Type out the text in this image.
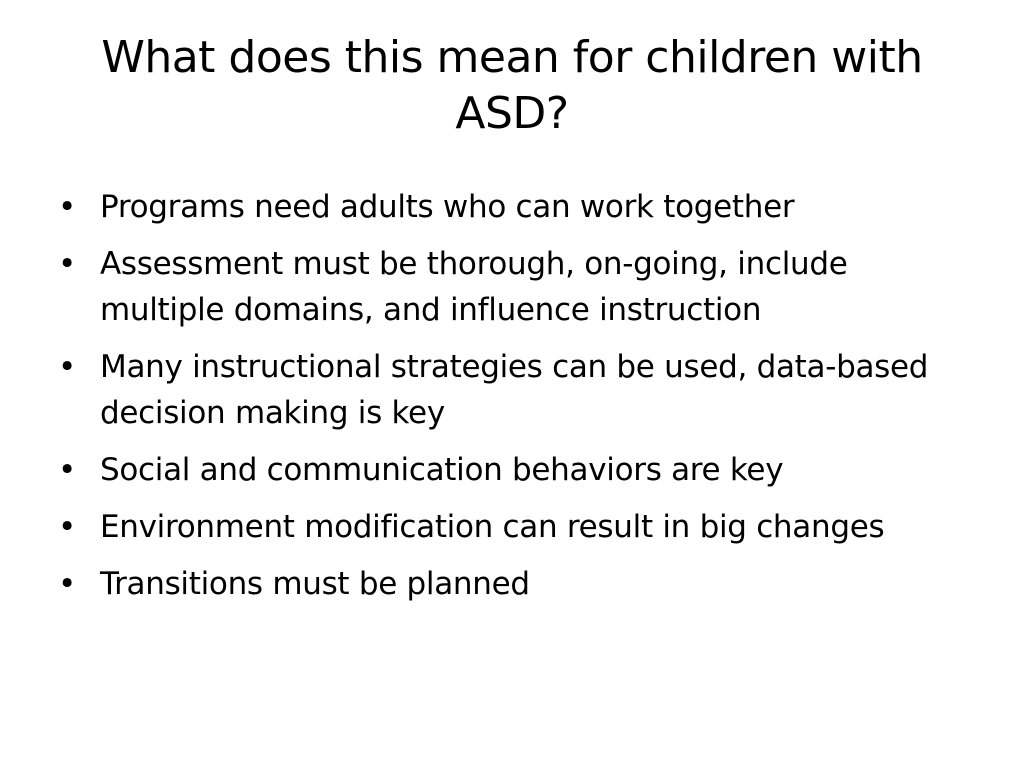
What does this mean for children with ASD?
• Programs need adults who can work together
• Assessment must be thorough, on-going, include multiple domains, and influence instruction
• Many instructional strategies can be used, data-based decision making is key
• Social and communication behaviors are key
• Environment modification can result in big changes
• Transitions must be planned
